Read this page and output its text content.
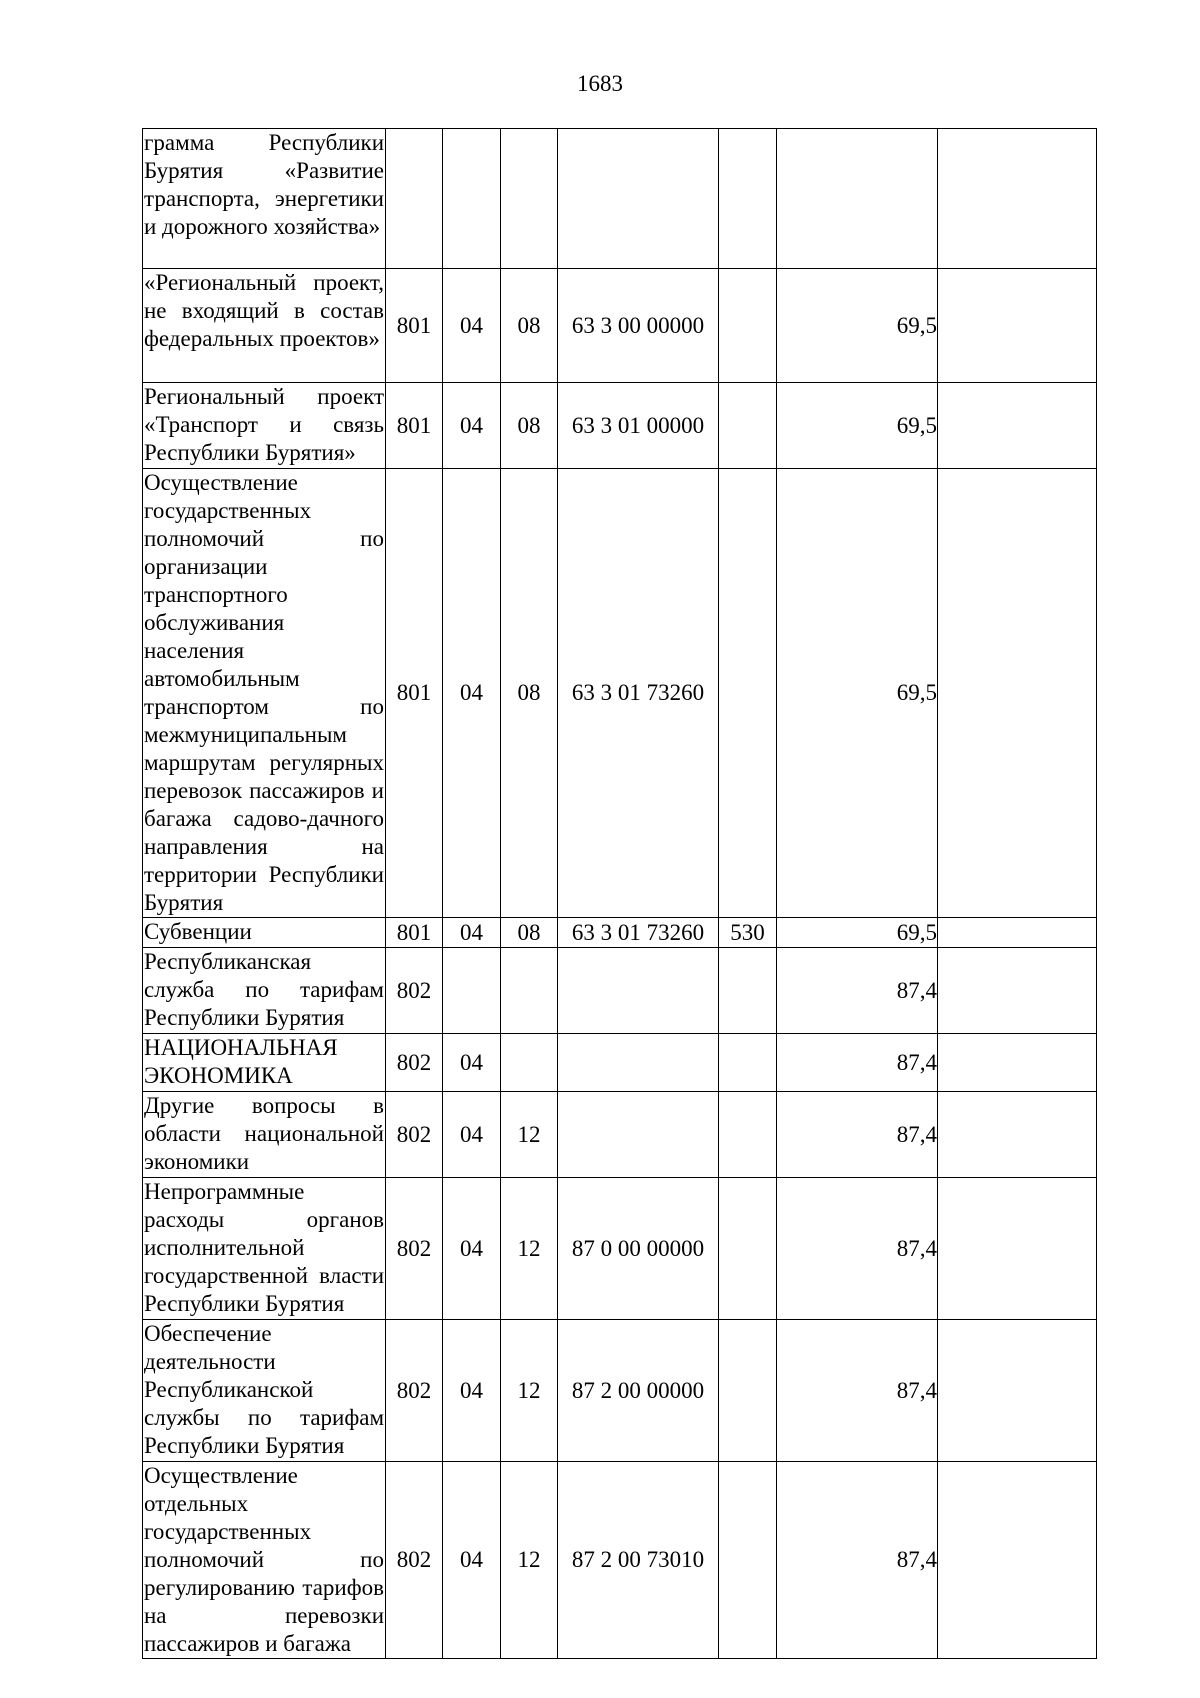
1683
грамма Республики Бурятия «Развитие транспорта, энергетики и дорожного хозяйства»							
«Региональный проект, не входящий в состав федеральных проектов»	801	04	08	63 3 00 00000		69,5	
Региональный проект «Транспорт и связь Республики Бурятия»	801	04	08	63 3 01 00000		69,5	
Осуществление государственных полномочий по организации транспортного обслуживания населения автомобильным транспортом по межмуниципальным маршрутам регулярных перевозок пассажиров и багажа садово-дачного направления на территории Республики Бурятия	801	04	08	63 3 01 73260		69,5	
Субвенции	801	04	08	63 3 01 73260	530	69,5	
Республиканская служба по тарифам Республики Бурятия	802					87,4	
НАЦИОНАЛЬНАЯ ЭКОНОМИКА	802	04				87,4	
Другие вопросы в области национальной экономики	802	04	12			87,4	
Непрограммные расходы органов исполнительной государственной власти Республики Бурятия	802	04	12	87 0 00 00000		87,4	
Обеспечение деятельности Республиканской службы по тарифам Республики Бурятия	802	04	12	87 2 00 00000		87,4	
Осуществление отдельных государственных полномочий по регулированию тарифов на перевозки пассажиров и багажа	802	04	12	87 2 00 73010		87,4	
